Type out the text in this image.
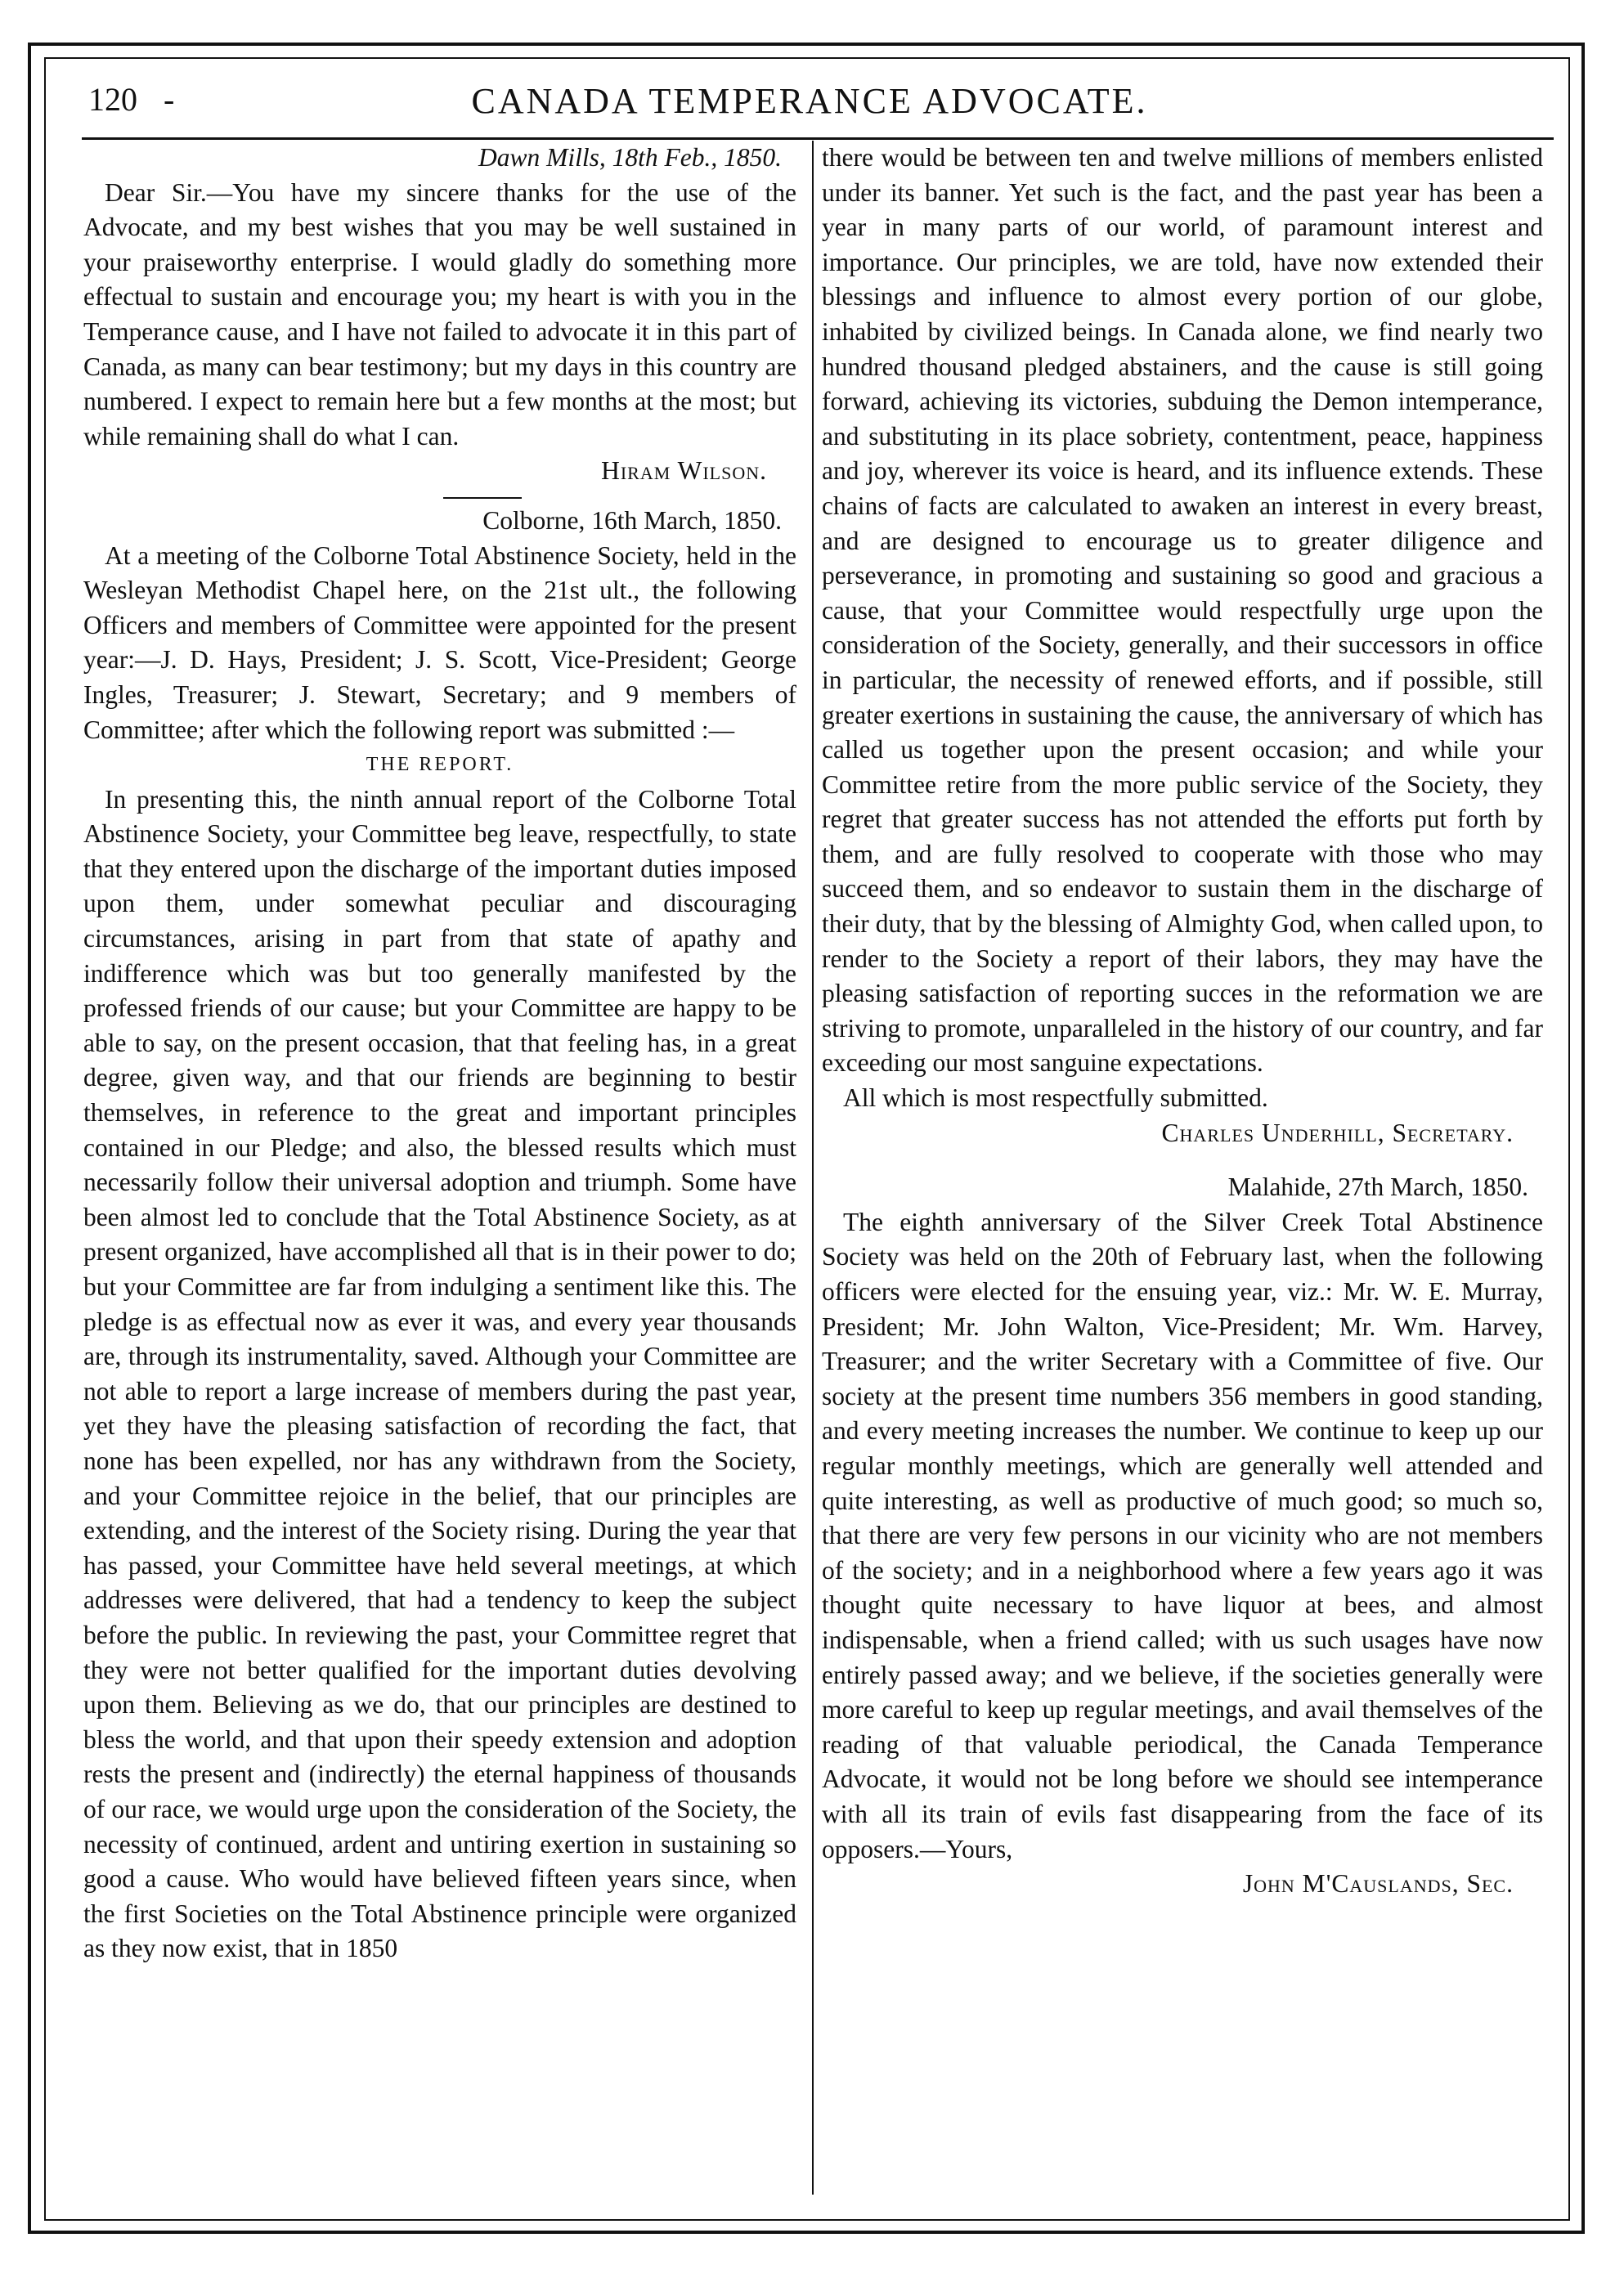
120 -	CANADA TEMPERANCE ADVOCATE.

Dawn Mills, 18th Feb., 1850.

Dear Sir.—You have my sincere thanks for the use of the Advocate, and my best wishes that you may be well sustained in your praiseworthy enterprise. I would gladly do something more effectual to sustain and encourage you; my heart is with you in the Temperance cause, and I have not failed to advocate it in this part of Canada, as many can bear testimony; but my days in this country are numbered. I expect to remain here but a few months at the most; but while remaining shall do what I can.

Hiram Wilson.

Colborne, 16th March, 1850.

At a meeting of the Colborne Total Abstinence Society, held in the Wesleyan Methodist Chapel here, on the 21st ult., the following Officers and members of Committee were appointed for the present year:—J. D. Hays, President; J. S. Scott, Vice-President; George Ingles, Treasurer; J. Stewart, Secretary; and 9 members of Committee; after which the following report was submitted :—

THE REPORT.

In presenting this, the ninth annual report of the Colborne Total Abstinence Society, your Committee beg leave, respectfully, to state that they entered upon the discharge of the important duties imposed upon them, under somewhat peculiar and discouraging circumstances, arising in part from that state of apathy and indifference which was but too generally manifested by the professed friends of our cause; but your Committee are happy to be able to say, on the present occasion, that that feeling has, in a great degree, given way, and that our friends are beginning to bestir themselves, in reference to the great and important principles contained in our Pledge; and also, the blessed results which must necessarily follow their universal adoption and triumph. Some have been almost led to conclude that the Total Abstinence Society, as at present organized, have accomplished all that is in their power to do; but your Committee are far from indulging a sentiment like this. The pledge is as effectual now as ever it was, and every year thousands are, through its instrumentality, saved. Although your Committee are not able to report a large increase of members during the past year, yet they have the pleasing satisfaction of recording the fact, that none has been expelled, nor has any withdrawn from the Society, and your Committee rejoice in the belief, that our principles are extending, and the interest of the Society rising. During the year that has passed, your Committee have held several meetings, at which addresses were delivered, that had a tendency to keep the subject before the public. In reviewing the past, your Committee regret that they were not better qualified for the important duties devolving upon them. Believing as we do, that our principles are destined to bless the world, and that upon their speedy extension and adoption rests the present and (indirectly) the eternal happiness of thousands of our race, we would urge upon the consideration of the Society, the necessity of continued, ardent and untiring exertion in sustaining so good a cause. Who would have believed fifteen years since, when the first Societies on the Total Abstinence principle were organized as they now exist, that in 1850

there would be between ten and twelve millions of members enlisted under its banner. Yet such is the fact, and the past year has been a year in many parts of our world, of paramount interest and importance. Our principles, we are told, have now extended their blessings and influence to almost every portion of our globe, inhabited by civilized beings. In Canada alone, we find nearly two hundred thousand pledged abstainers, and the cause is still going forward, achieving its victories, subduing the Demon intemperance, and substituting in its place sobriety, contentment, peace, happiness and joy, wherever its voice is heard, and its influence extends. These chains of facts are calculated to awaken an interest in every breast, and are designed to encourage us to greater diligence and perseverance, in promoting and sustaining so good and gracious a cause, that your Committee would respectfully urge upon the consideration of the Society, generally, and their successors in office in particular, the necessity of renewed efforts, and if possible, still greater exertions in sustaining the cause, the anniversary of which has called us together upon the present occasion; and while your Committee retire from the more public service of the Society, they regret that greater success has not attended the efforts put forth by them, and are fully resolved to cooperate with those who may succeed them, and so endeavor to sustain them in the discharge of their duty, that by the blessing of Almighty God, when called upon, to render to the Society a report of their labors, they may have the pleasing satisfaction of reporting succes in the reformation we are striving to promote, unparalleled in the history of our country, and far exceeding our most sanguine expectations.

All which is most respectfully submitted.

Charles Underhill, Secretary.

Malahide, 27th March, 1850.

The eighth anniversary of the Silver Creek Total Abstinence Society was held on the 20th of February last, when the following officers were elected for the ensuing year, viz.: Mr. W. E. Murray, President; Mr. John Walton, Vice-President; Mr. Wm. Harvey, Treasurer; and the writer Secretary with a Committee of five. Our society at the present time numbers 356 members in good standing, and every meeting increases the number. We continue to keep up our regular monthly meetings, which are generally well attended and quite interesting, as well as productive of much good; so much so, that there are very few persons in our vicinity who are not members of the society; and in a neighborhood where a few years ago it was thought quite necessary to have liquor at bees, and almost indispensable, when a friend called; with us such usages have now entirely passed away; and we believe, if the societies generally were more careful to keep up regular meetings, and avail themselves of the reading of that valuable periodical, the Canada Temperance Advocate, it would not be long before we should see intemperance with all its train of evils fast disappearing from the face of its opposers.—Yours,

John M'Causlands, Sec.
